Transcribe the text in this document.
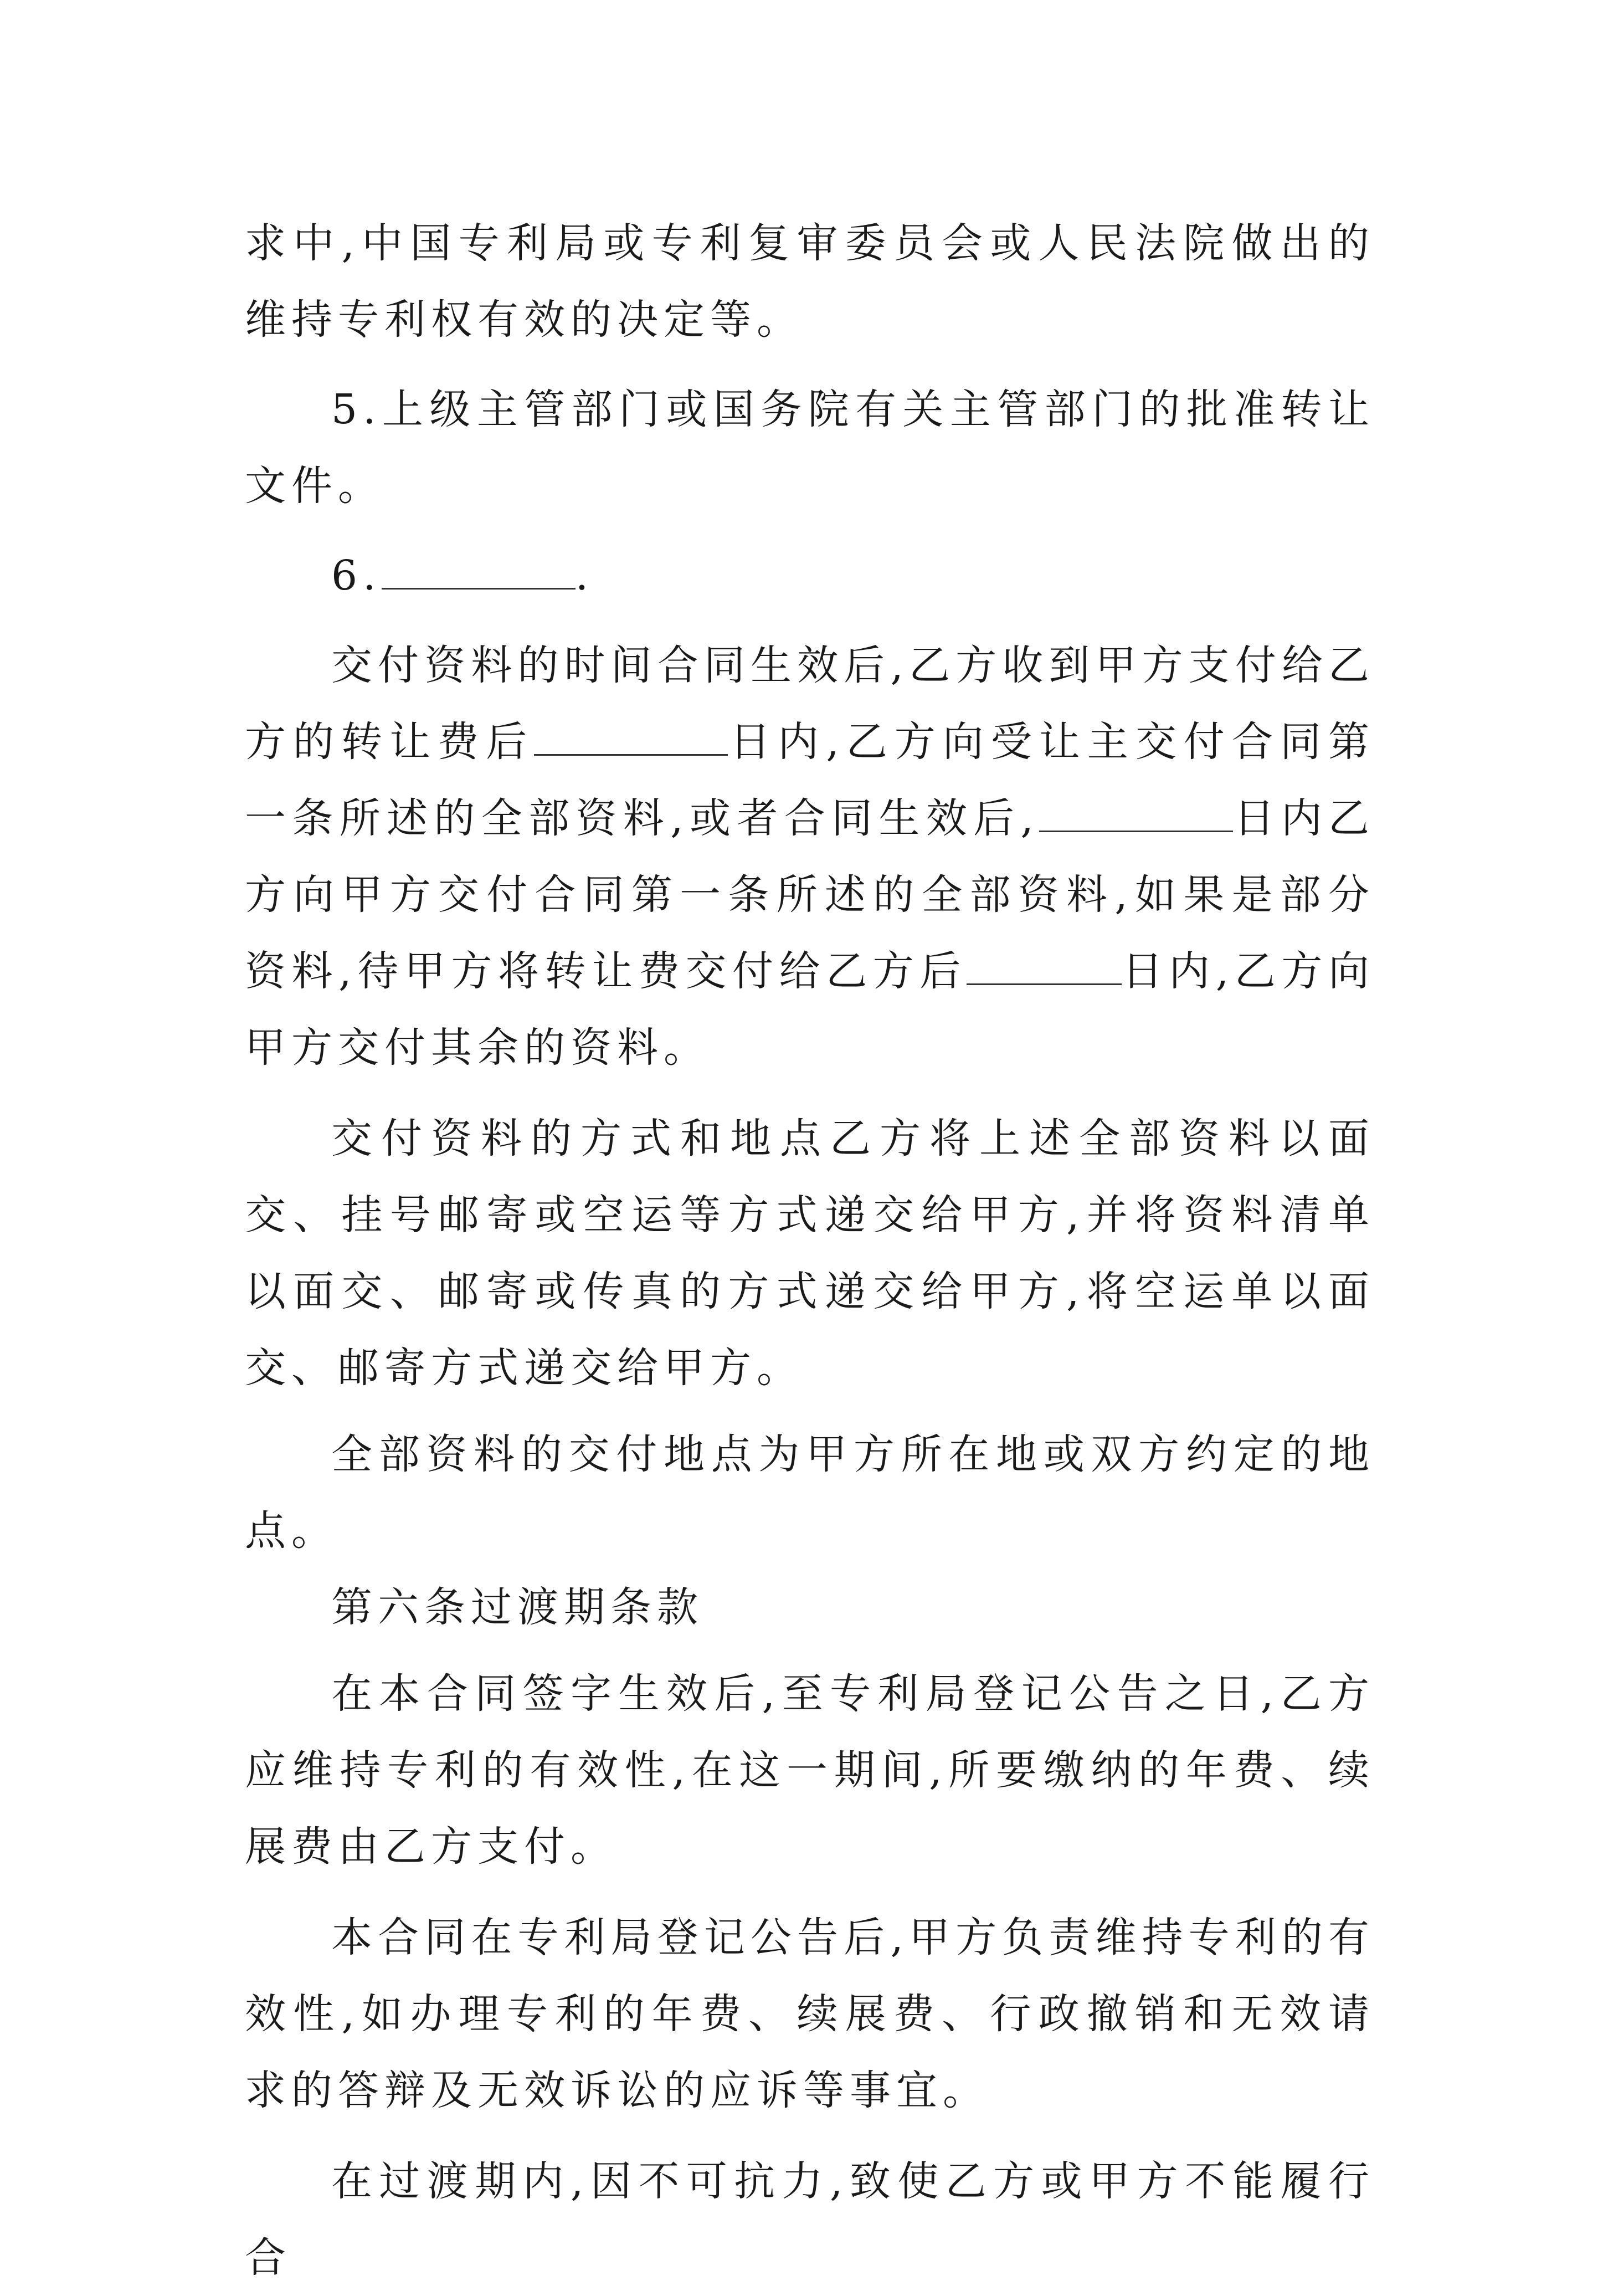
求中,中国专利局或专利复审委员会或人民法院做出的维持专利权有效的决定等。

5.上级主管部门或国务院有关主管部门的批准转让文件。

6.	.

交付资料的时间合同生效后,乙方收到甲方支付给乙方的转让费后	日内,乙方向受让主交付合同第一条所述的全部资料,或者合同生效后,	日内乙方向甲方交付合同第一条所述的全部资料,如果是部分资料,待甲方将转让费交付给乙方后	日内,乙方向甲方交付其余的资料。

交付资料的方式和地点乙方将上述全部资料以面交、挂号邮寄或空运等方式递交给甲方,并将资料清单以面交、邮寄或传真的方式递交给甲方,将空运单以面交、邮寄方式递交给甲方。

全部资料的交付地点为甲方所在地或双方约定的地点。

第六条过渡期条款

在本合同签字生效后,至专利局登记公告之日,乙方应维持专利的有效性,在这一期间,所要缴纳的年费、续展费由乙方支付。

本合同在专利局登记公告后,甲方负责维持专利的有效性,如办理专利的年费、续展费、行政撤销和无效请求的答辩及无效诉讼的应诉等事宜。

在过渡期内,因不可抗力,致使乙方或甲方不能履行合
